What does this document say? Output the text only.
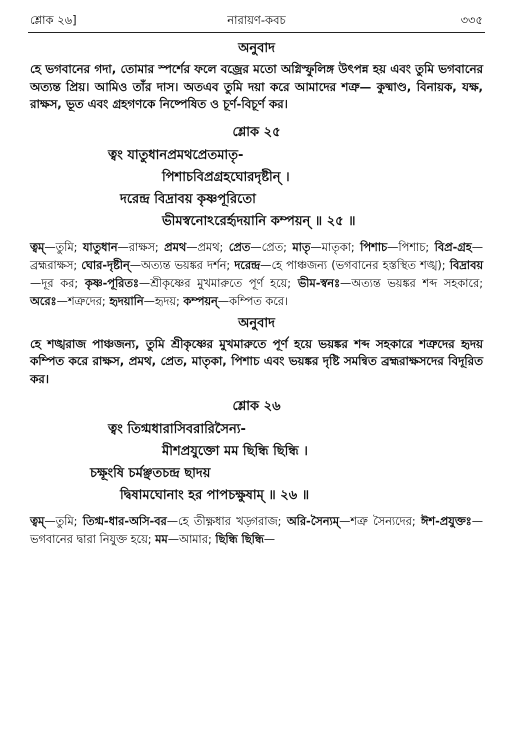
শ্লোক ২৬]	নারায়ণ-কবচ	৩৩৫
অনুবাদ

হে ভগবানের গদা, তোমার স্পর্শের ফলে বজ্রের মতো অগ্নিস্ফুলিঙ্গ উৎপন্ন হয় এবং তুমি ভগবানের অত্যন্ত প্রিয়। আমিও তাঁর দাস। অতএব তুমি দয়া করে আমাদের শত্রু— কুষ্মাণ্ড, বিনায়ক, যক্ষ, রাক্ষস, ভূত এবং গ্রহগণকে নিষ্পেষিত ও চূর্ণ-বিচূর্ণ কর।

শ্লোক ২৫
ত্বং যাতুধানপ্রমথপ্রেতমাতৃ-
পিশাচবিপ্রগ্রহঘোরদৃষ্টীন্‌ ।
দরেন্দ্র বিদ্রাবয় কৃষ্ণপূরিতো
ভীমস্বনোঽরের্হৃদয়ানি কম্পয়ন্‌ ॥ ২৫ ॥

ত্বম্‌—তুমি; যাতুধান—রাক্ষস; প্রমথ—প্রমথ; প্রেত—প্রেত; মাতৃ—মাতৃকা; পিশাচ—পিশাচ; বিপ্র-গ্রহ—ব্রহ্মরাক্ষস; ঘোর-দৃষ্টীন্‌—অত্যন্ত ভয়ঙ্কর দর্শন; দরেন্দ্র—হে পাঞ্চজন্য (ভগবানের হস্তস্থিত শঙ্খ); বিদ্রাবয়—দূর কর; কৃষ্ণ-পূরিতঃ—শ্রীকৃষ্ণের মুখমারুতে পূর্ণ হয়ে; ভীম-স্বনঃ—অত্যন্ত ভয়ঙ্কর শব্দ সহকারে; অরেঃ—শত্রুদের; হৃদয়ানি—হৃদয়; কম্পয়ন্‌—কম্পিত করে।

অনুবাদ

হে শঙ্খরাজ পাঞ্চজন্য, তুমি শ্রীকৃষ্ণের মুখমারুতে পূর্ণ হয়ে ভয়ঙ্কর শব্দ সহকারে শত্রুদের হৃদয় কম্পিত করে রাক্ষস, প্রমথ, প্রেত, মাতৃকা, পিশাচ এবং ভয়ঙ্কর দৃষ্টি সমন্বিত ব্রহ্মরাক্ষসদের বিদূরিত কর।

শ্লোক ২৬
ত্বং তিগ্মধারাসিবরারিসৈন্য-
মীশপ্রযুক্তো মম ছিন্ধি ছিন্ধি ।
চক্ষূংষি চর্মঞ্ছতচন্দ্র ছাদয়
দ্বিষামঘোনাং হর পাপচক্ষুষাম্‌ ॥ ২৬ ॥

ত্বম্‌—তুমি; তিগ্ম-ধার-অসি-বর—হে তীক্ষ্ণধার খড়্গরাজ; অরি-সৈন্যম্‌—শত্রু সৈন্যদের; ঈশ-প্রযুক্তঃ—ভগবানের দ্বারা নিযুক্ত হয়ে; মম—আমার; ছিন্ধি ছিন্ধি—
